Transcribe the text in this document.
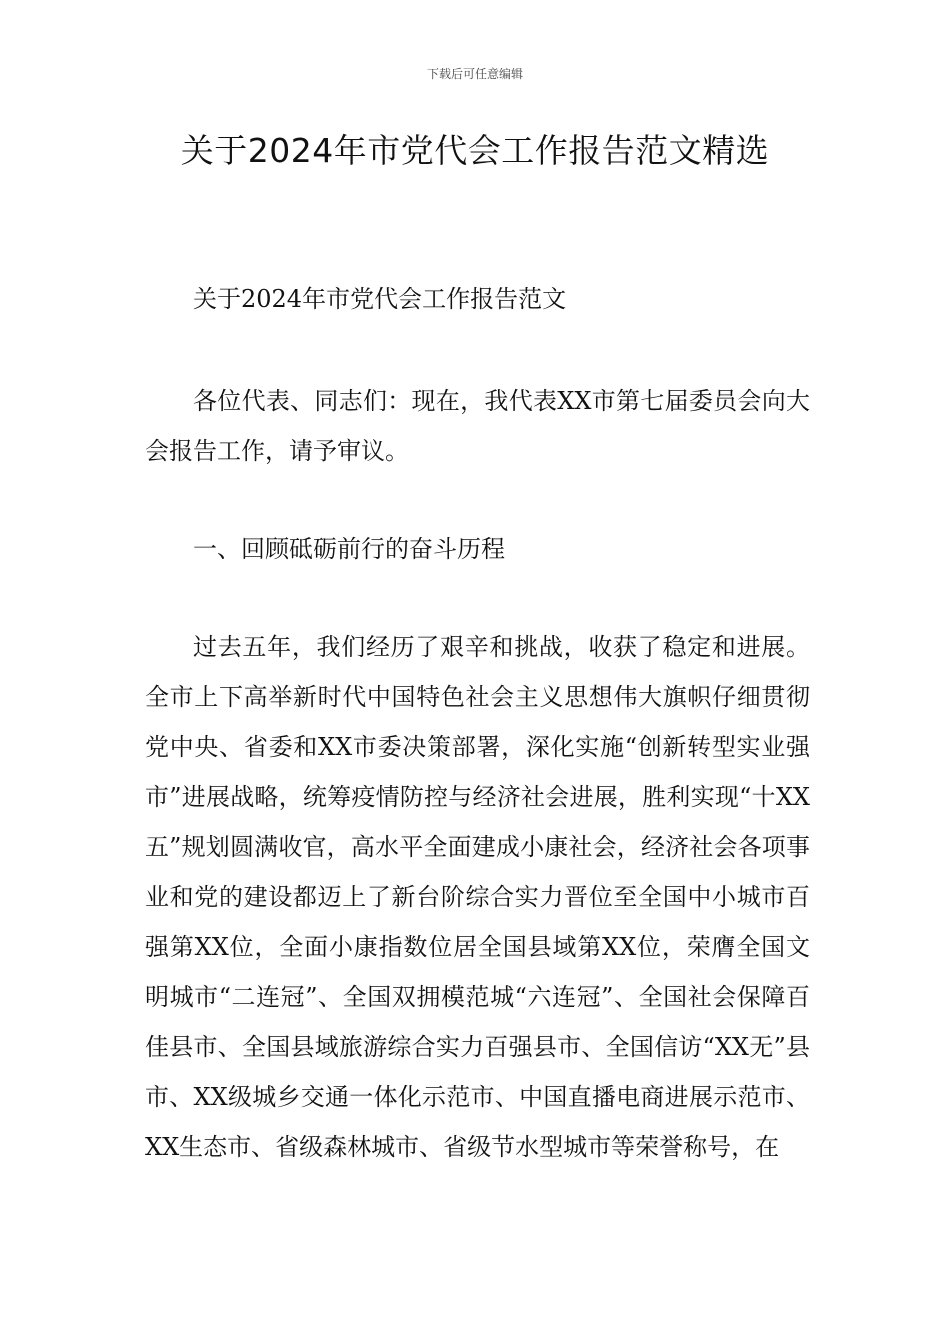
下载后可任意编辑
关于2024年市党代会工作报告范文精选

关于2024年市党代会工作报告范文

各位代表、同志们：现在，我代表XX市第七届委员会向大会报告工作，请予审议。

一、回顾砥砺前行的奋斗历程

过去五年，我们经历了艰辛和挑战，收获了稳定和进展。全市上下高举新时代中国特色社会主义思想伟大旗帜仔细贯彻党中央、省委和XX市委决策部署，深化实施“创新转型实业强市”进展战略，统筹疫情防控与经济社会进展，胜利实现“十XX五”规划圆满收官，高水平全面建成小康社会，经济社会各项事业和党的建设都迈上了新台阶综合实力晋位至全国中小城市百强第XX位，全面小康指数位居全国县域第XX位，荣膺全国文明城市“二连冠”、全国双拥模范城“六连冠”、全国社会保障百佳县市、全国县域旅游综合实力百强县市、全国信访“XX无”县市、XX级城乡交通一体化示范市、中国直播电商进展示范市、XX生态市、省级森林城市、省级节水型城市等荣誉称号，在
